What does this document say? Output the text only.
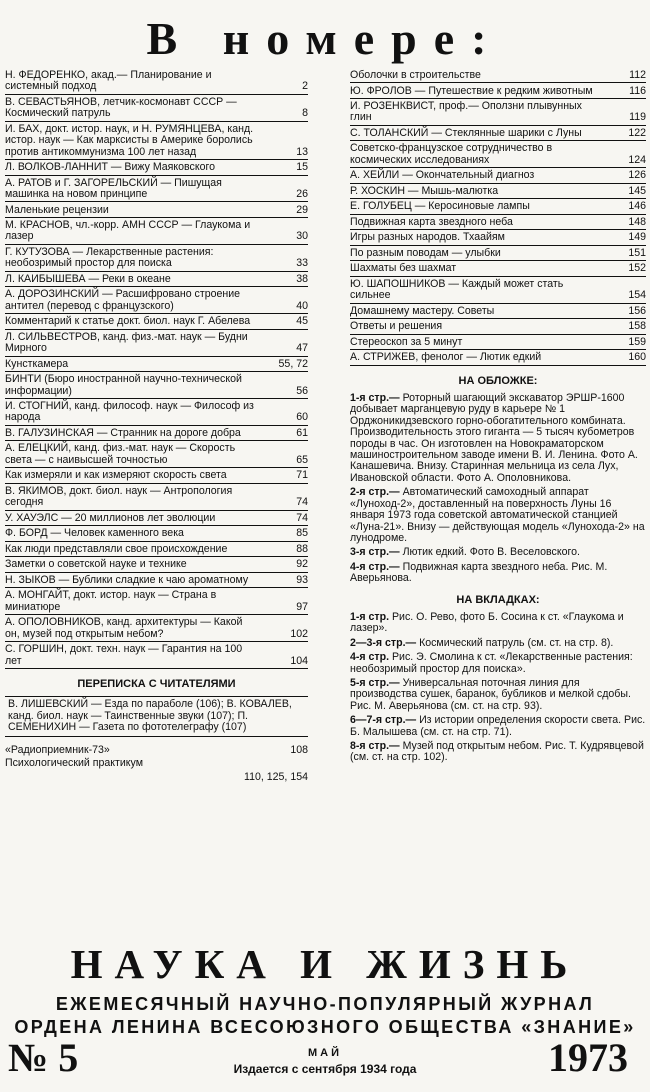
В номере:
Н. ФЕДОРЕНКО, акад.— Планирование и системный подход	2
В. СЕВАСТЬЯНОВ, летчик-космонавт СССР — Космический патруль	8
И. БАХ, докт. истор. наук, и Н. РУМЯНЦЕВА, канд. истор. наук — Как марксисты в Америке боролись против антикоммунизма 100 лет назад	13
Л. ВОЛКОВ-ЛАННИТ — Вижу Маяковского	15
А. РАТОВ и Г. ЗАГОРЕЛЬСКИЙ — Пишущая машинка на новом принципе	26
Маленькие рецензии	29
М. КРАСНОВ, чл.-корр. АМН СССР — Глаукома и лазер	30
Г. КУТУЗОВА — Лекарственные растения: необозримый простор для поиска	33
Л. КАИБЫШЕВА — Реки в океане	38
А. ДОРОЗИНСКИЙ — Расшифровано строение антител (перевод с французского)	40
Комментарий к статье докт. биол. наук Г. Абелева	45
Л. СИЛЬВЕСТРОВ, канд. физ.-мат. наук — Будни Мирного	47
Кунсткамера	55, 72
БИНТИ (Бюро иностранной научно-технической информации)	56
И. СТОГНИЙ, канд. философ. наук — Философ из народа	60
В. ГАЛУЗИНСКАЯ — Странник на дороге добра	61
А. ЕЛЕЦКИЙ, канд. физ.-мат. наук — Скорость света — с наивысшей точностью	65
Как измеряли и как измеряют скорость света	71
В. ЯКИМОВ, докт. биол. наук — Антропология сегодня	74
У. ХАУЭЛС — 20 миллионов лет эволюции	74
Ф. БОРД — Человек каменного века	85
Как люди представляли свое происхождение	88
Заметки о советской науке и технике	92
Н. ЗЫКОВ — Бублики сладкие к чаю ароматному	93
А. МОНГАЙТ, докт. истор. наук — Страна в миниатюре	97
А. ОПОЛОВНИКОВ, канд. архитектуры — Какой он, музей под открытым небом?	102
С. ГОРШИН, докт. техн. наук — Гарантия на 100 лет	104
ПЕРЕПИСКА С ЧИТАТЕЛЯМИ
В. ЛИШЕВСКИЙ — Езда по параболе (106); В. КОВАЛЕВ, канд. биол. наук — Таинственные звуки (107); П. СЕМЕНИХИН — Газета по фототелеграфу (107)
«Радиоприемник-73»	108
Психологический практикум
110, 125, 154
Оболочки в строительстве	112
Ю. ФРОЛОВ — Путешествие к редким животным	116
И. РОЗЕНКВИСТ, проф.— Оползни плывунных глин	119
С. ТОЛАНСКИЙ — Стеклянные шарики с Луны	122
Советско-французское сотрудничество в космических исследованиях	124
А. ХЕЙЛИ — Окончательный диагноз	126
Р. ХОСКИН — Мышь-малютка	145
Е. ГОЛУБЕЦ — Керосиновые лампы	146
Подвижная карта звездного неба	148
Игры разных народов. Тхаайям	149
По разным поводам — улыбки	151
Шахматы без шахмат	152
Ю. ШАПОШНИКОВ — Каждый может стать сильнее	154
Домашнему мастеру. Советы	156
Ответы и решения	158
Стереоскоп за 5 минут	159
А. СТРИЖЕВ, фенолог — Лютик едкий	160
НА ОБЛОЖКЕ:
1-я стр.— Роторный шагающий экскаватор ЭРШР-1600 добывает марганцевую руду в карьере № 1 Орджоникидзевского горно-обогатительного комбината. Производительность этого гиганта — 5 тысяч кубометров породы в час. Он изготовлен на Новокраматорском машиностроительном заводе имени В. И. Ленина. Фото А. Канашевича. Внизу. Старинная мельница из села Лух, Ивановской области. Фото А. Ополовникова.
2-я стр.— Автоматический самоходный аппарат «Луноход-2», доставленный на поверхность Луны 16 января 1973 года советской автоматической станцией «Луна-21». Внизу — действующая модель «Лунохода-2» на лунодроме.
3-я стр.— Лютик едкий. Фото В. Веселовского.
4-я стр.— Подвижная карта звездного неба. Рис. М. Аверьянова.
НА ВКЛАДКАХ:
1-я стр. Рис. О. Рево, фото Б. Сосина к ст. «Глаукома и лазер».
2—3-я стр.— Космический патруль (см. ст. на стр. 8).
4-я стр. Рис. Э. Смолина к ст. «Лекарственные растения: необозримый простор для поиска».
5-я стр.— Универсальная поточная линия для производства сушек, баранок, бубликов и мелкой сдобы. Рис. М. Аверьянова (см. ст. на стр. 93).
6—7-я стр.— Из истории определения скорости света. Рис. Б. Малышева (см. ст. на стр. 71).
8-я стр.— Музей под открытым небом. Рис. Т. Кудрявцевой (см. ст. на стр. 102).
НАУКА И ЖИЗНЬ
ЕЖЕМЕСЯЧНЫЙ НАУЧНО-ПОПУЛЯРНЫЙ ЖУРНАЛ
ОРДЕНА ЛЕНИНА ВСЕСОЮЗНОГО ОБЩЕСТВА «ЗНАНИЕ»
МАЙ
Издается с сентября 1934 года
№ 5	1973
